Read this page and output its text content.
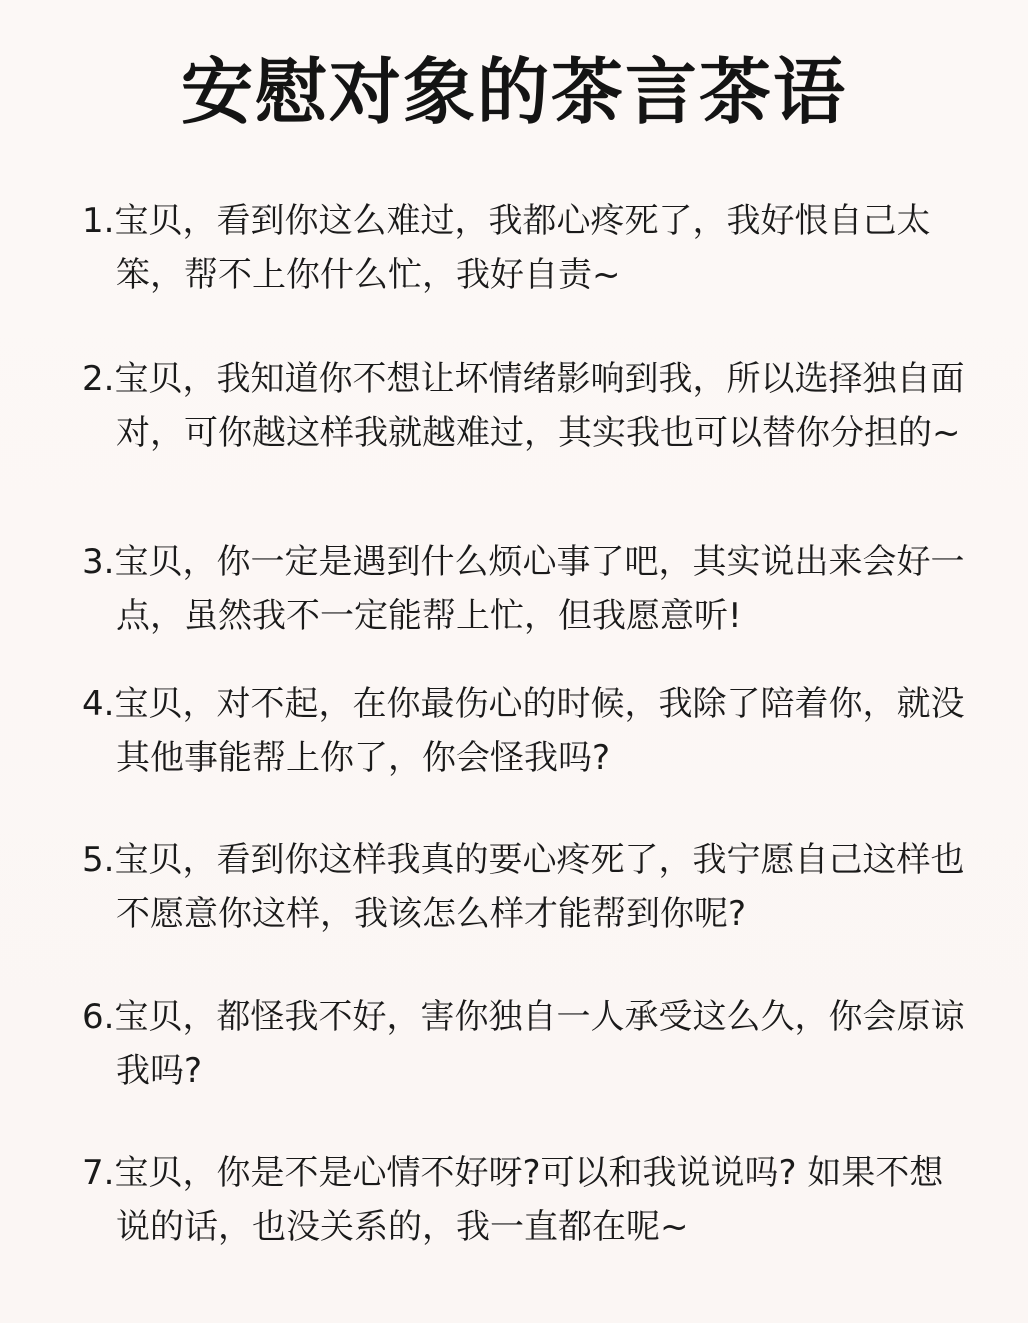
安慰对象的茶言茶语

1.宝贝，看到你这么难过，我都心疼死了，我好恨自己太笨，帮不上你什么忙，我好自责~

2.宝贝，我知道你不想让坏情绪影响到我，所以选择独自面对，可你越这样我就越难过，其实我也可以替你分担的~

3.宝贝，你一定是遇到什么烦心事了吧，其实说出来会好一点，虽然我不一定能帮上忙，但我愿意听!

4.宝贝，对不起，在你最伤心的时候，我除了陪着你，就没其他事能帮上你了，你会怪我吗?

5.宝贝，看到你这样我真的要心疼死了，我宁愿自己这样也不愿意你这样，我该怎么样才能帮到你呢?

6.宝贝，都怪我不好，害你独自一人承受这么久，你会原谅我吗?

7.宝贝，你是不是心情不好呀?可以和我说说吗? 如果不想说的话，也没关系的，我一直都在呢~
